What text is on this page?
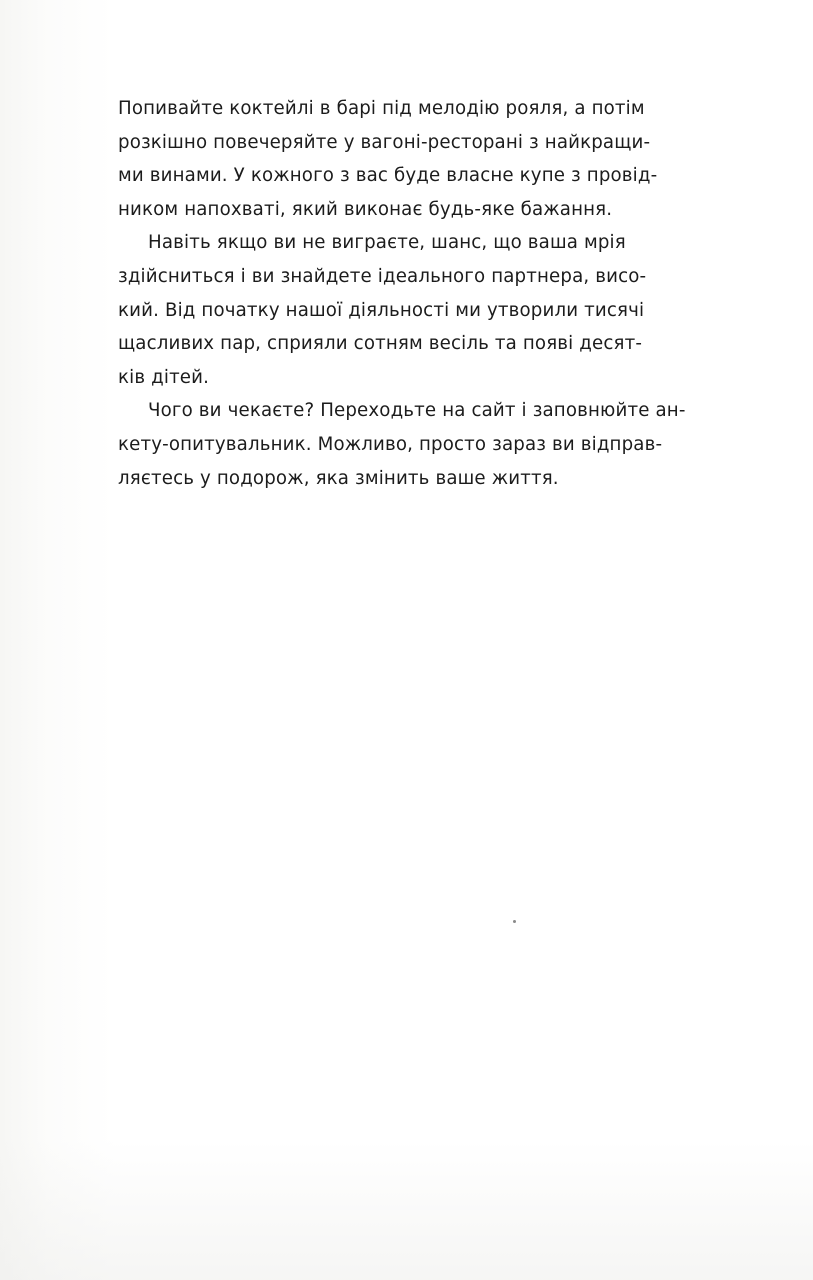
Попивайте коктейлі в барі під мелодію рояля, а потім
розкішно повечеряйте у вагоні-ресторані з найкращи-
ми винами. У кожного з вас буде власне купе з провід-
ником напохваті, який виконає будь-яке бажання.

Навіть якщо ви не виграєте, шанс, що ваша мрія
здійсниться і ви знайдете ідеального партнера, висо-
кий. Від початку нашої діяльності ми утворили тисячі
щасливих пар, сприяли сотням весіль та появі десят-
ків дітей.

Чого ви чекаєте? Переходьте на сайт і заповнюйте ан-
кету-опитувальник. Можливо, просто зараз ви відправ-
ляєтесь у подорож, яка змінить ваше життя.
